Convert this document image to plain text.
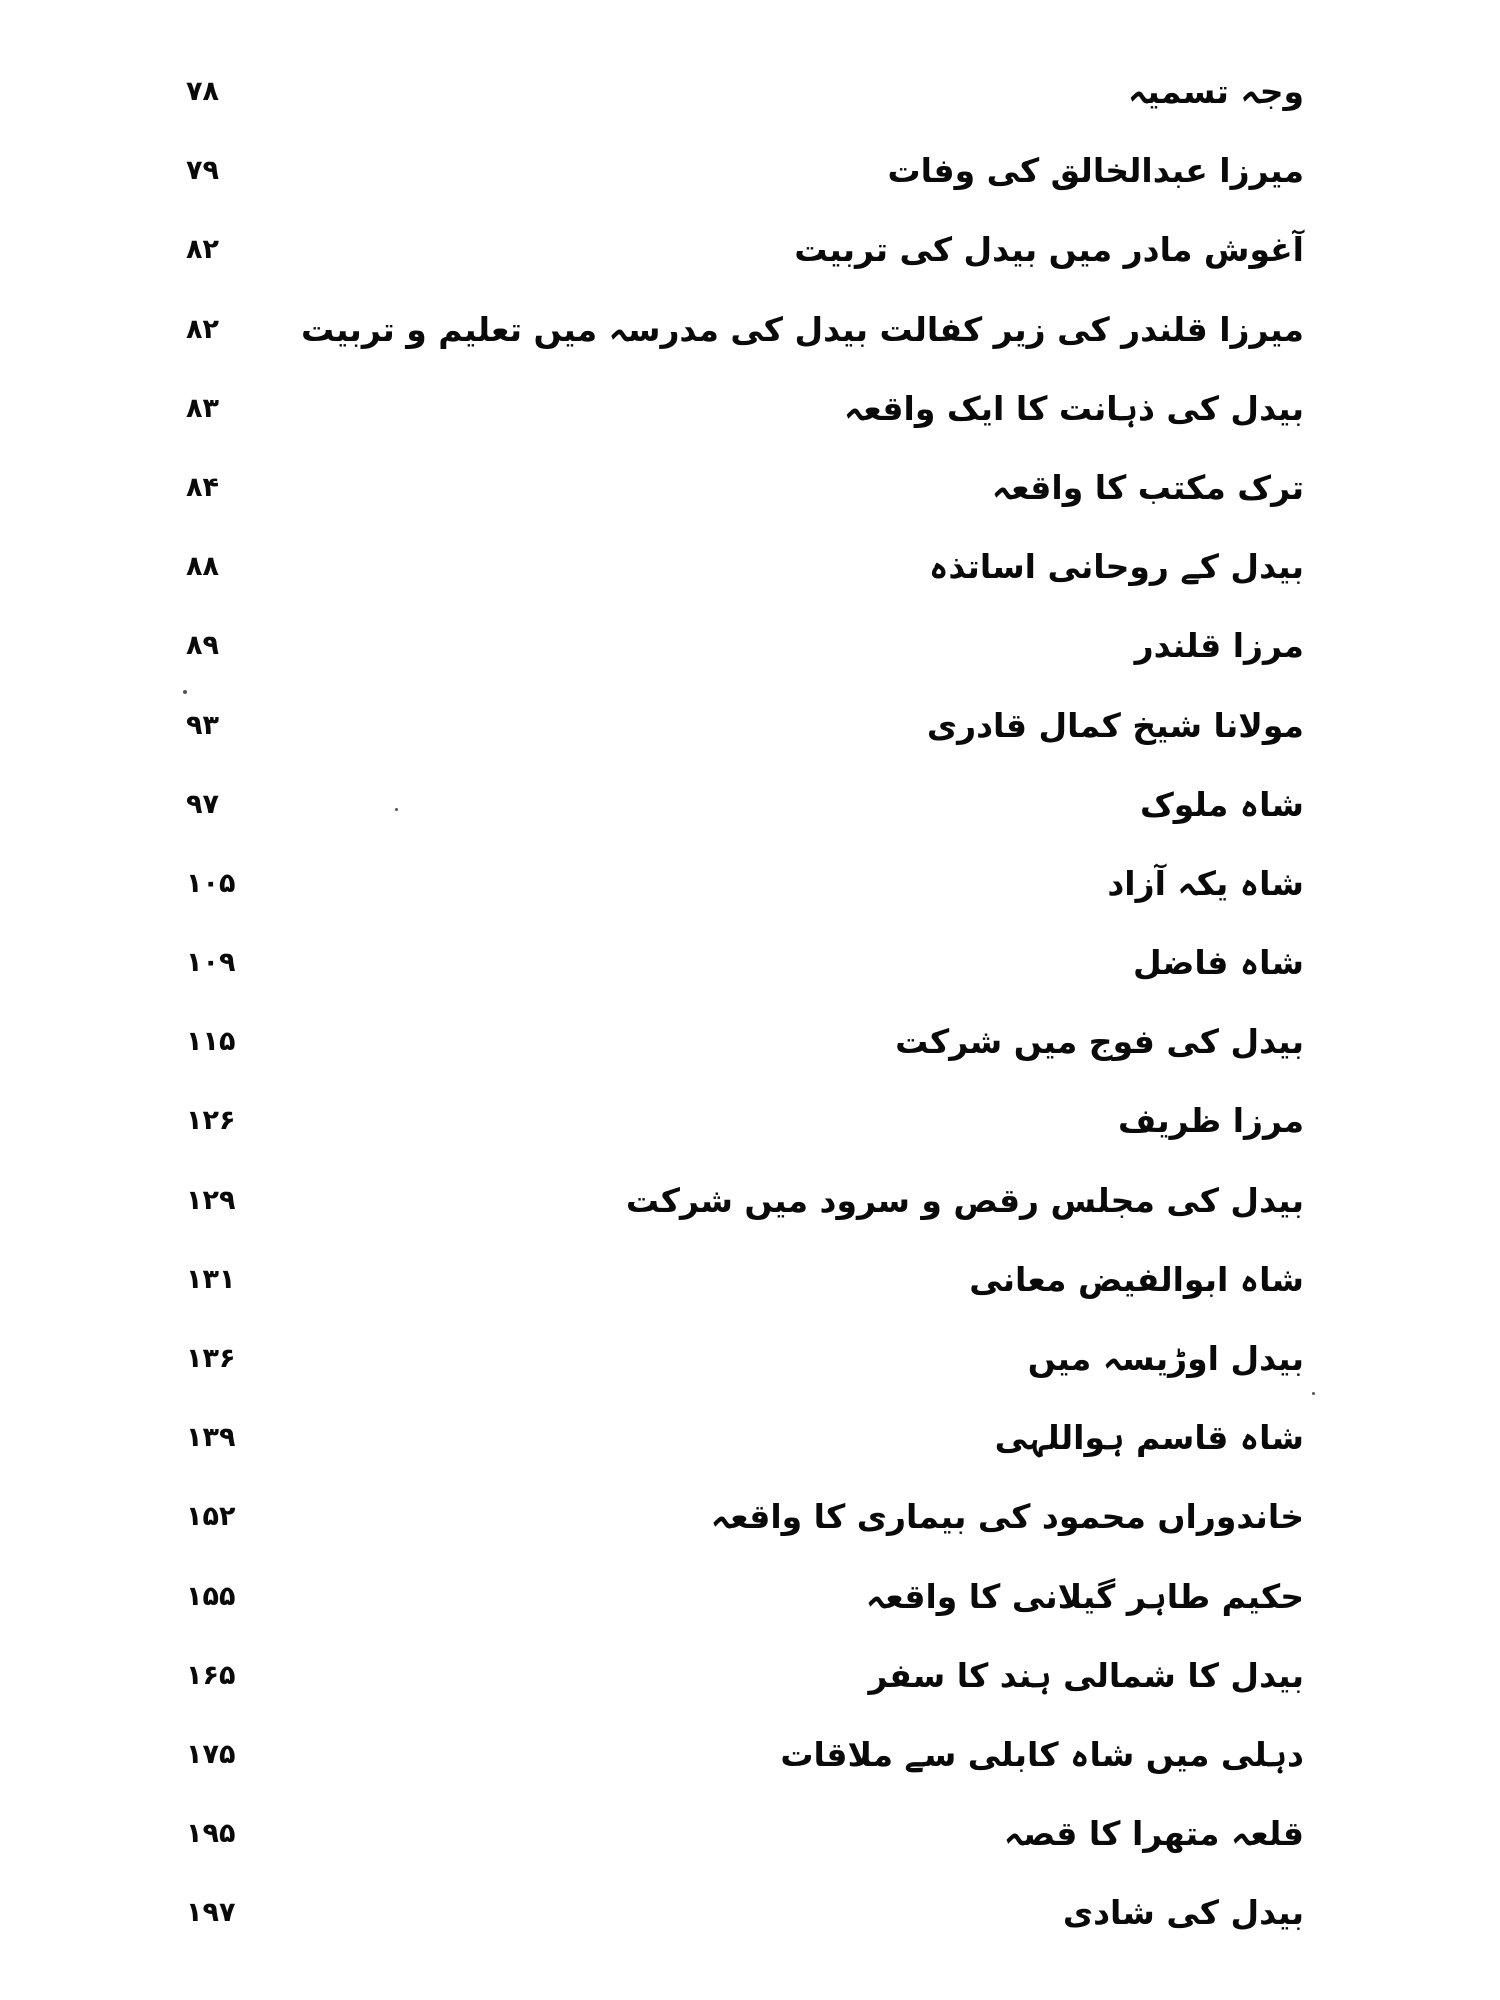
وجہ تسمیہ
۷۸
میرزا عبدالخالق کی وفات
۷۹
آغوش مادر میں بیدل کی تربیت
۸۲
میرزا قلندر کی زیر کفالت بیدل کی مدرسہ میں تعلیم و تربیت
۸۲
بیدل کی ذہانت کا ایک واقعہ
۸۳
ترک مکتب کا واقعہ
۸۴
بیدل کے روحانی اساتذہ
۸۸
مرزا قلندر
۸۹
مولانا شیخ کمال قادری
۹۳
شاہ ملوک
۹۷
شاہ یکہ آزاد
۱۰۵
شاہ فاضل
۱۰۹
بیدل کی فوج میں شرکت
۱۱۵
مرزا ظریف
۱۲۶
بیدل کی مجلس رقص و سرود میں شرکت
۱۲۹
شاہ ابوالفیض معانی
۱۳۱
بیدل اوڑیسہ میں
۱۳۶
شاہ قاسم ہواللہی
۱۳۹
خاندوراں محمود کی بیماری کا واقعہ
۱۵۲
حکیم طاہر گیلانی کا واقعہ
۱۵۵
بیدل کا شمالی ہند کا سفر
۱۶۵
دہلی میں شاہ کابلی سے ملاقات
۱۷۵
قلعہ متھرا کا قصہ
۱۹۵
بیدل کی شادی
۱۹۷
